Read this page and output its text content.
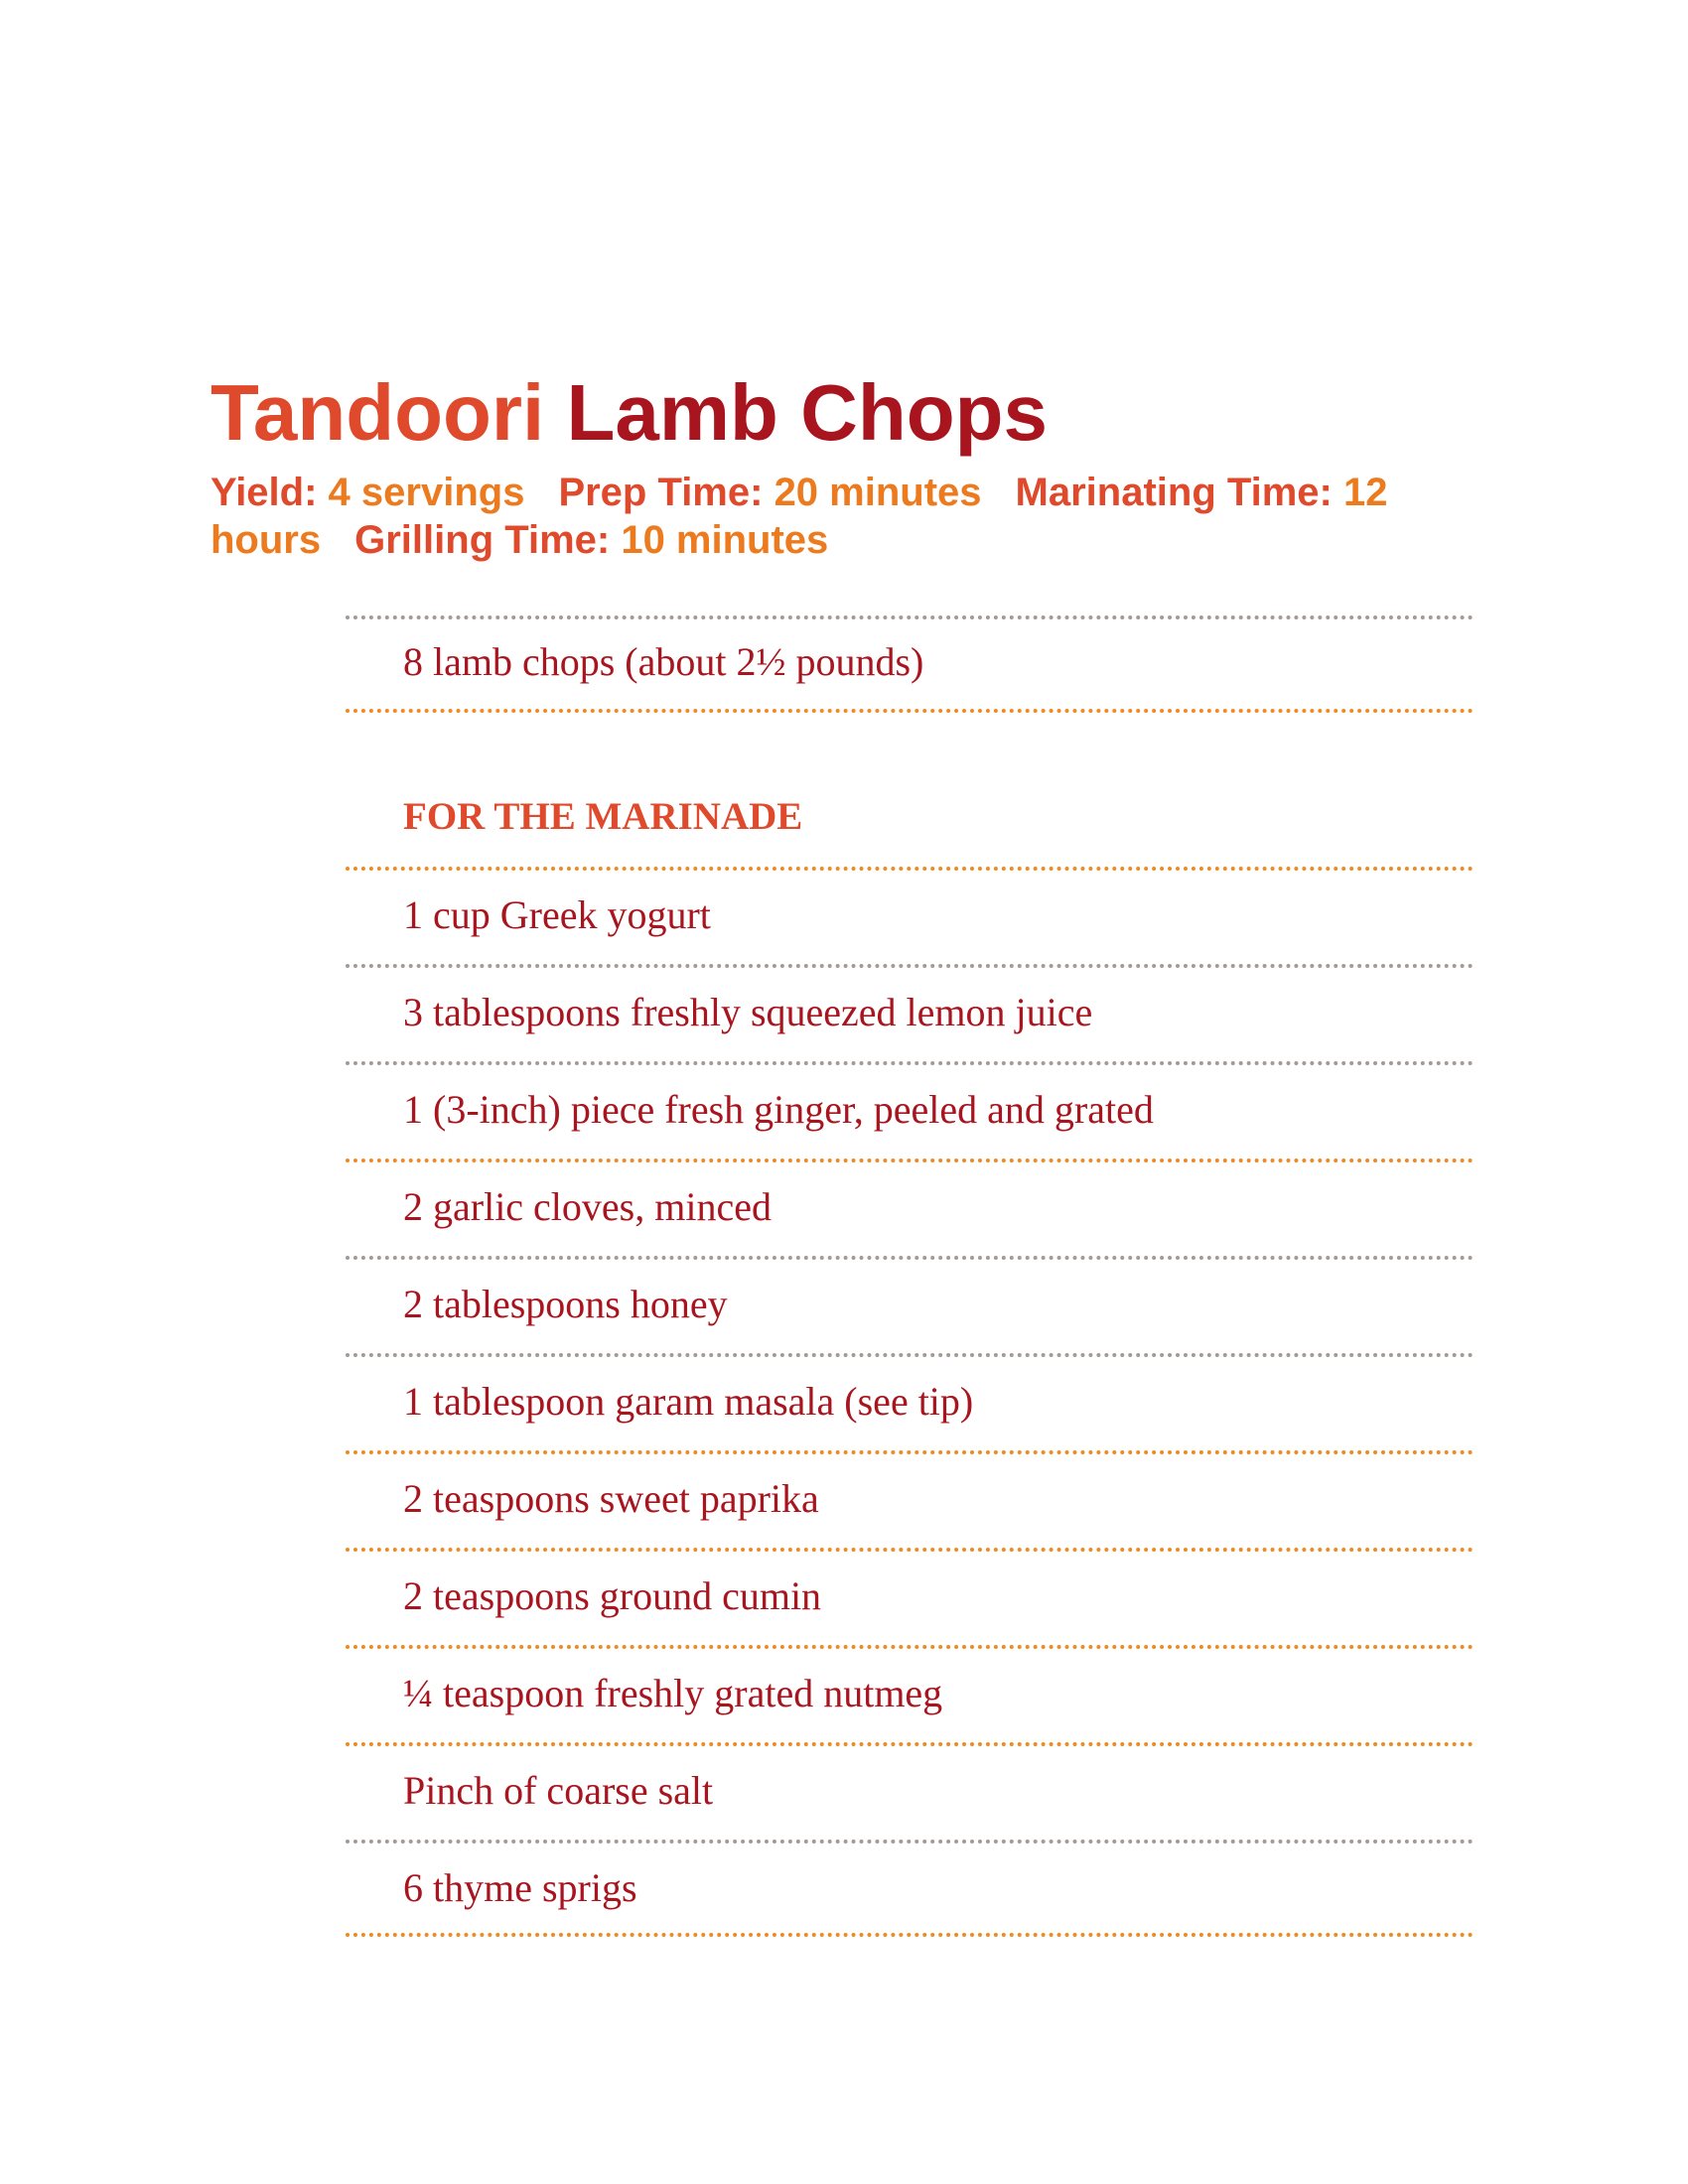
Tandoori Lamb Chops

Yield: 4 servings Prep Time: 20 minutes Marinating Time: 12 hours Grilling Time: 10 minutes

8 lamb chops (about 2½ pounds)
FOR THE MARINADE
1 cup Greek yogurt
3 tablespoons freshly squeezed lemon juice
1 (3-inch) piece fresh ginger, peeled and grated
2 garlic cloves, minced
2 tablespoons honey
1 tablespoon garam masala (see tip)
2 teaspoons sweet paprika
2 teaspoons ground cumin
¼ teaspoon freshly grated nutmeg
Pinch of coarse salt
6 thyme sprigs
